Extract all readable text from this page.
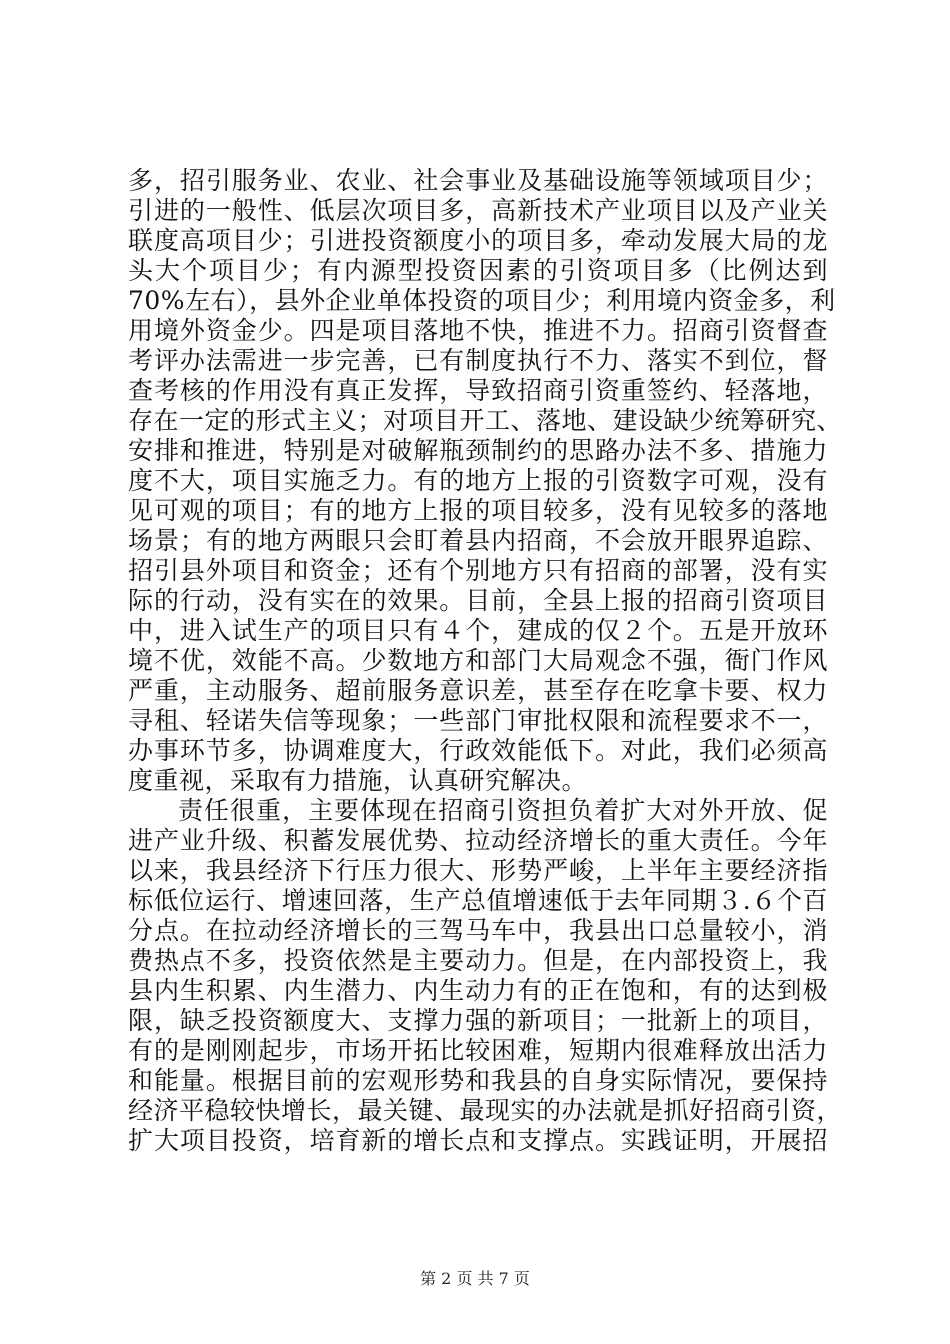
多，招引服务业、农业、社会事业及基础设施等领域项目少；
引进的一般性、低层次项目多，高新技术产业项目以及产业关
联度高项目少；引进投资额度小的项目多，牵动发展大局的龙
头大个项目少；有内源型投资因素的引资项目多（比例达到
70%左右），县外企业单体投资的项目少；利用境内资金多，利
用境外资金少。四是项目落地不快，推进不力。招商引资督查
考评办法需进一步完善，已有制度执行不力、落实不到位，督
查考核的作用没有真正发挥，导致招商引资重签约、轻落地，
存在一定的形式主义；对项目开工、落地、建设缺少统筹研究、
安排和推进，特别是对破解瓶颈制约的思路办法不多、措施力
度不大，项目实施乏力。有的地方上报的引资数字可观，没有
见可观的项目；有的地方上报的项目较多，没有见较多的落地
场景；有的地方两眼只会盯着县内招商，不会放开眼界追踪、
招引县外项目和资金；还有个别地方只有招商的部署，没有实
际的行动，没有实在的效果。目前，全县上报的招商引资项目
中，进入试生产的项目只有４个，建成的仅２个。五是开放环
境不优，效能不高。少数地方和部门大局观念不强，衙门作风
严重，主动服务、超前服务意识差，甚至存在吃拿卡要、权力
寻租、轻诺失信等现象；一些部门审批权限和流程要求不一，
办事环节多，协调难度大，行政效能低下。对此，我们必须高
度重视，采取有力措施，认真研究解决。
责任很重，主要体现在招商引资担负着扩大对外开放、促
进产业升级、积蓄发展优势、拉动经济增长的重大责任。今年
以来，我县经济下行压力很大、形势严峻，上半年主要经济指
标低位运行、增速回落，生产总值增速低于去年同期３.６个百
分点。在拉动经济增长的三驾马车中，我县出口总量较小，消
费热点不多，投资依然是主要动力。但是，在内部投资上，我
县内生积累、内生潜力、内生动力有的正在饱和，有的达到极
限，缺乏投资额度大、支撑力强的新项目；一批新上的项目，
有的是刚刚起步，市场开拓比较困难，短期内很难释放出活力
和能量。根据目前的宏观形势和我县的自身实际情况，要保持
经济平稳较快增长，最关键、最现实的办法就是抓好招商引资，
扩大项目投资，培育新的增长点和支撑点。实践证明，开展招
第 2 页 共 7 页
